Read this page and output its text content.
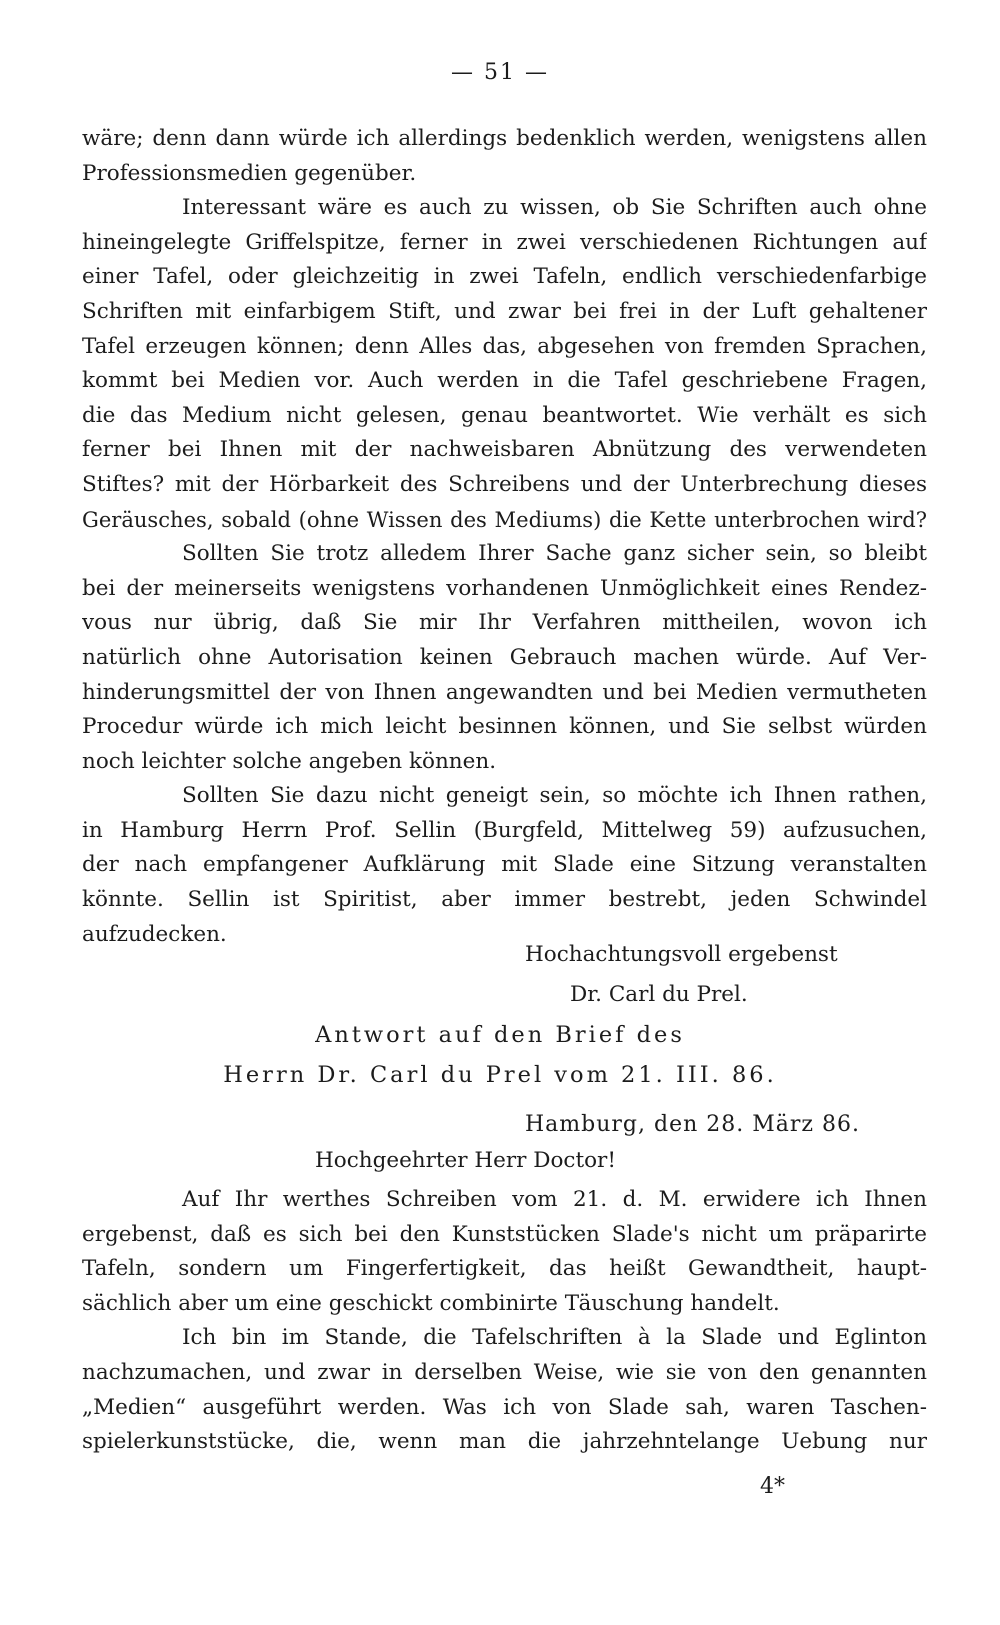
— 51 —
wäre; denn dann würde ich allerdings bedenklich werden, wenigstens allen
Professionsmedien gegenüber.
Interessant wäre es auch zu wissen, ob Sie Schriften auch ohne
hineingelegte Griffelspitze, ferner in zwei verschiedenen Richtungen auf
einer Tafel, oder gleichzeitig in zwei Tafeln, endlich verschiedenfarbige
Schriften mit einfarbigem Stift, und zwar bei frei in der Luft gehaltener
Tafel erzeugen können; denn Alles das, abgesehen von fremden Sprachen,
kommt bei Medien vor. Auch werden in die Tafel geschriebene Fragen,
die das Medium nicht gelesen, genau beantwortet. Wie verhält es sich
ferner bei Ihnen mit der nachweisbaren Abnützung des verwendeten
Stiftes? mit der Hörbarkeit des Schreibens und der Unterbrechung dieses
Geräusches, sobald (ohne Wissen des Mediums) die Kette unterbrochen wird?
Sollten Sie trotz alledem Ihrer Sache ganz sicher sein, so bleibt
bei der meinerseits wenigstens vorhandenen Unmöglichkeit eines Rendez-
vous nur übrig, daß Sie mir Ihr Verfahren mittheilen, wovon ich
natürlich ohne Autorisation keinen Gebrauch machen würde. Auf Ver-
hinderungsmittel der von Ihnen angewandten und bei Medien vermutheten
Procedur würde ich mich leicht besinnen können, und Sie selbst würden
noch leichter solche angeben können.
Sollten Sie dazu nicht geneigt sein, so möchte ich Ihnen rathen,
in Hamburg Herrn Prof. Sellin (Burgfeld, Mittelweg 59) aufzusuchen,
der nach empfangener Aufklärung mit Slade eine Sitzung veranstalten
könnte. Sellin ist Spiritist, aber immer bestrebt, jeden Schwindel
aufzudecken.
Hochachtungsvoll ergebenst
Dr. Carl du Prel.
Antwort auf den Brief des
Herrn Dr. Carl du Prel vom 21. III. 86.
Hamburg, den 28. März 86.
Hochgeehrter Herr Doctor!
Auf Ihr werthes Schreiben vom 21. d. M. erwidere ich Ihnen
ergebenst, daß es sich bei den Kunststücken Slade's nicht um präparirte
Tafeln, sondern um Fingerfertigkeit, das heißt Gewandtheit, haupt-
sächlich aber um eine geschickt combinirte Täuschung handelt.
Ich bin im Stande, die Tafelschriften à la Slade und Eglinton
nachzumachen, und zwar in derselben Weise, wie sie von den genannten
„Medien“ ausgeführt werden. Was ich von Slade sah, waren Taschen-
spielerkunststücke, die, wenn man die jahrzehntelange Uebung nur
4*
